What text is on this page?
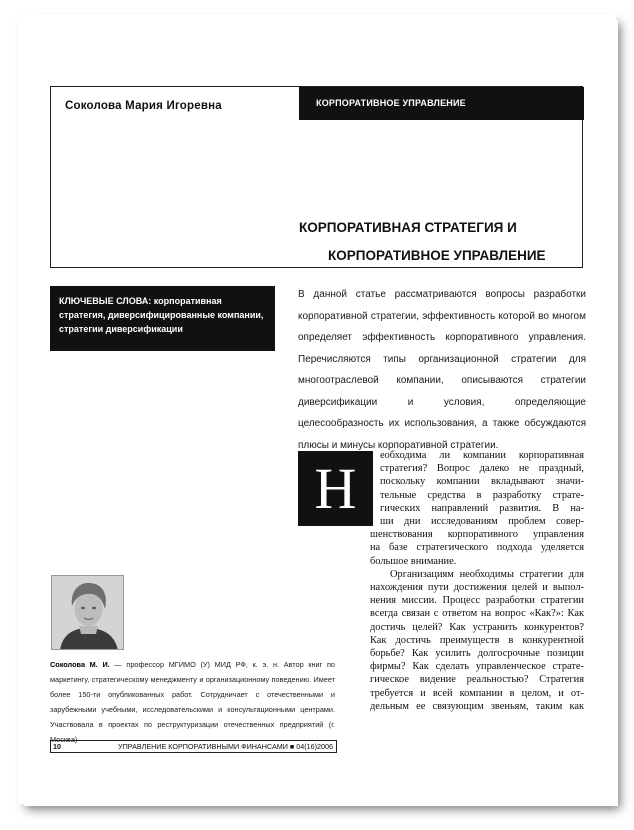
Соколова Мария Игоревна	КОРПОРАТИВНОЕ УПРАВЛЕНИЕ
КОРПОРАТИВНАЯ СТРАТЕГИЯ И
КОРПОРАТИВНОЕ УПРАВЛЕНИЕ
КЛЮЧЕВЫЕ СЛОВА: корпоративная стратегия, диверсифицированные компании, стратегии диверсификации
В данной статье рассматриваются вопросы разработки корпоративной стратегии, эффективность которой во многом определяет эффективность корпоративного управления. Перечисляются типы организационной стратегии для многоотраслевой компании, описываются стратегии диверсификации и условия, определяющие целесообразность их использования, а также обсуждаются плюсы и минусы корпоративной стратегии.
Н
еобходима ли компании корпоративная
стратегия? Вопрос далеко не праздный,
поскольку компании вкладывают значи-
тельные средства в разработку страте-
гических направлений развития. В на-
ши дни исследованиям проблем совер-
шенствования корпоративного управления
на базе стратегического подхода уделяется
большое внимание.
Организациям необходимы стратегии для
нахождения пути достижения целей и выпол-
нения миссии. Процесс разработки стратегии
всегда связан с ответом на вопрос «Как?»: Как
достичь целей? Как устранить конкурентов?
Как достичь преимуществ в конкурентной
борьбе? Как усилить долгосрочные позиции
фирмы? Как сделать управленческое страте-
гическое видение реальностью? Стратегия
требуется и всей компании в целом, и от-
дельным ее связующим звеньям, таким как
Соколова М. И. — профессор МГИМО (У) МИД РФ, к. э. н. Автор книг по маркетингу, стратегическому менеджменту и организационному поведению. Имеет более 150-ти опубликованных работ. Сотрудничает с отечественными и зарубежными учебными, исследовательскими и консультационными центрами. Участвовала в проектах по реструктуризации отечественных предприятий (г. Москва)
10	УПРАВЛЕНИЕ КОРПОРАТИВНЫМИ ФИНАНСАМИ ■ 04(16)2006
